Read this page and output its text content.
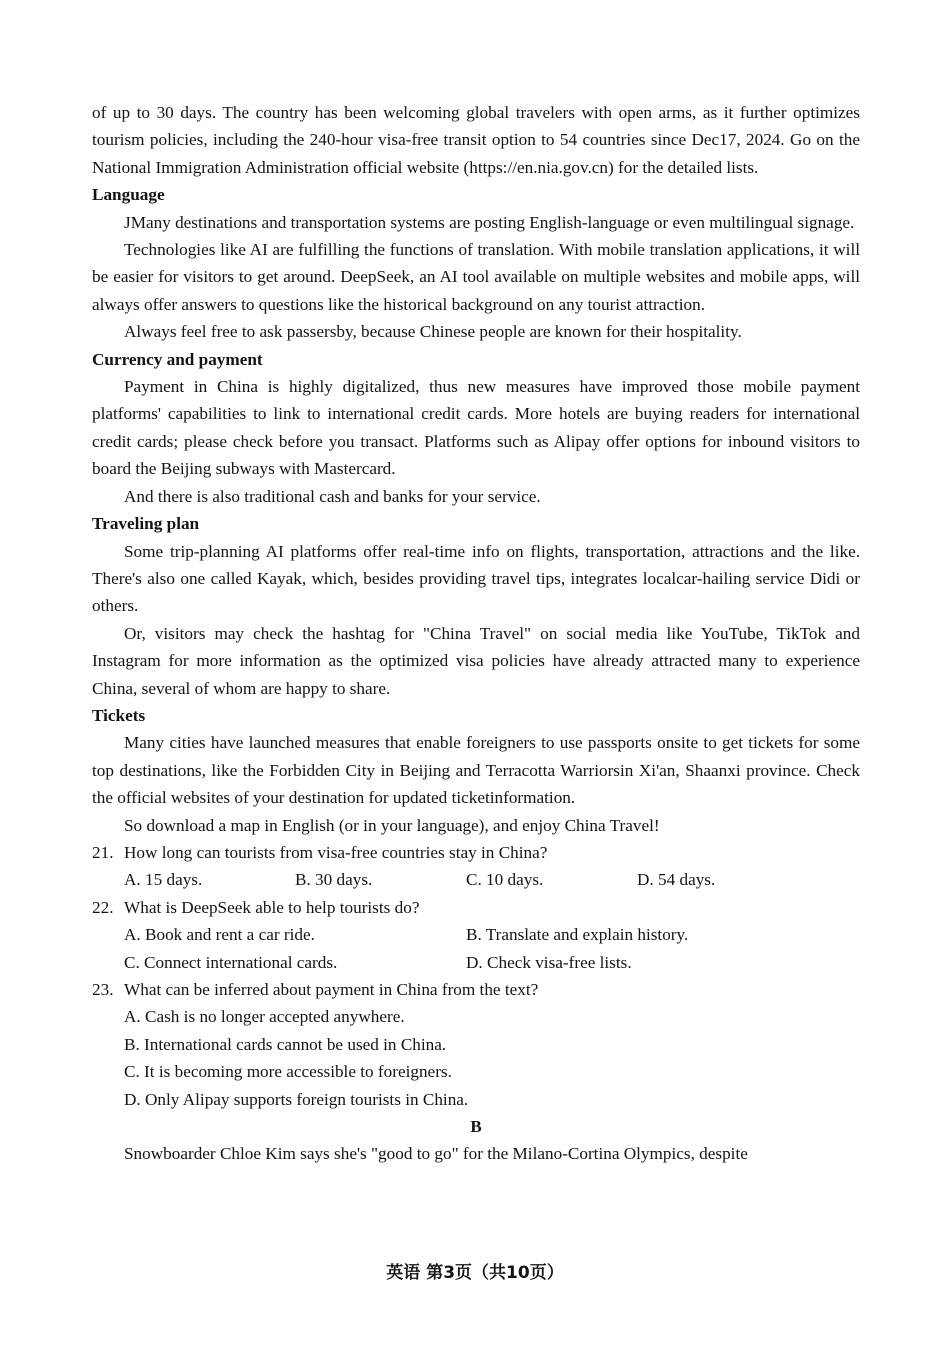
of up to 30 days. The country has been welcoming global travelers with open arms, as it further optimizes tourism policies, including the 240-hour visa-free transit option to 54 countries since Dec17, 2024. Go on the National Immigration Administration official website (https://en.nia.gov.cn) for the detailed lists.

Language

JMany destinations and transportation systems are posting English-language or even multilingual signage.

Technologies like AI are fulfilling the functions of translation. With mobile translation applications, it will be easier for visitors to get around. DeepSeek, an AI tool available on multiple websites and mobile apps, will always offer answers to questions like the historical background on any tourist attraction.

Always feel free to ask passersby, because Chinese people are known for their hospitality.

Currency and payment

Payment in China is highly digitalized, thus new measures have improved those mobile payment platforms' capabilities to link to international credit cards. More hotels are buying readers for international credit cards; please check before you transact. Platforms such as Alipay offer options for inbound visitors to board the Beijing subways with Mastercard.

And there is also traditional cash and banks for your service.

Traveling plan

Some trip-planning AI platforms offer real-time info on flights, transportation, attractions and the like. There's also one called Kayak, which, besides providing travel tips, integrates localcar-hailing service Didi or others.

Or, visitors may check the hashtag for "China Travel" on social media like YouTube, TikTok and Instagram for more information as the optimized visa policies have already attracted many to experience China, several of whom are happy to share.

Tickets

Many cities have launched measures that enable foreigners to use passports onsite to get tickets for some top destinations, like the Forbidden City in Beijing and Terracotta Warriorsin Xi'an, Shaanxi province. Check the official websites of your destination for updated ticketinformation.

So download a map in English (or in your language), and enjoy China Travel!

21. How long can tourists from visa-free countries stay in China?
A. 15 days.	B. 30 days.	C. 10 days.	D. 54 days.
22. What is DeepSeek able to help tourists do?
A. Book and rent a car ride.	B. Translate and explain history.
C. Connect international cards.	D. Check visa-free lists.
23. What can be inferred about payment in China from the text?

A. Cash is no longer accepted anywhere.

B. International cards cannot be used in China.

C. It is becoming more accessible to foreigners.

D. Only Alipay supports foreign tourists in China.

B

Snowboarder Chloe Kim says she's "good to go" for the Milano-Cortina Olympics, despite

英语 第3页（共10页）
